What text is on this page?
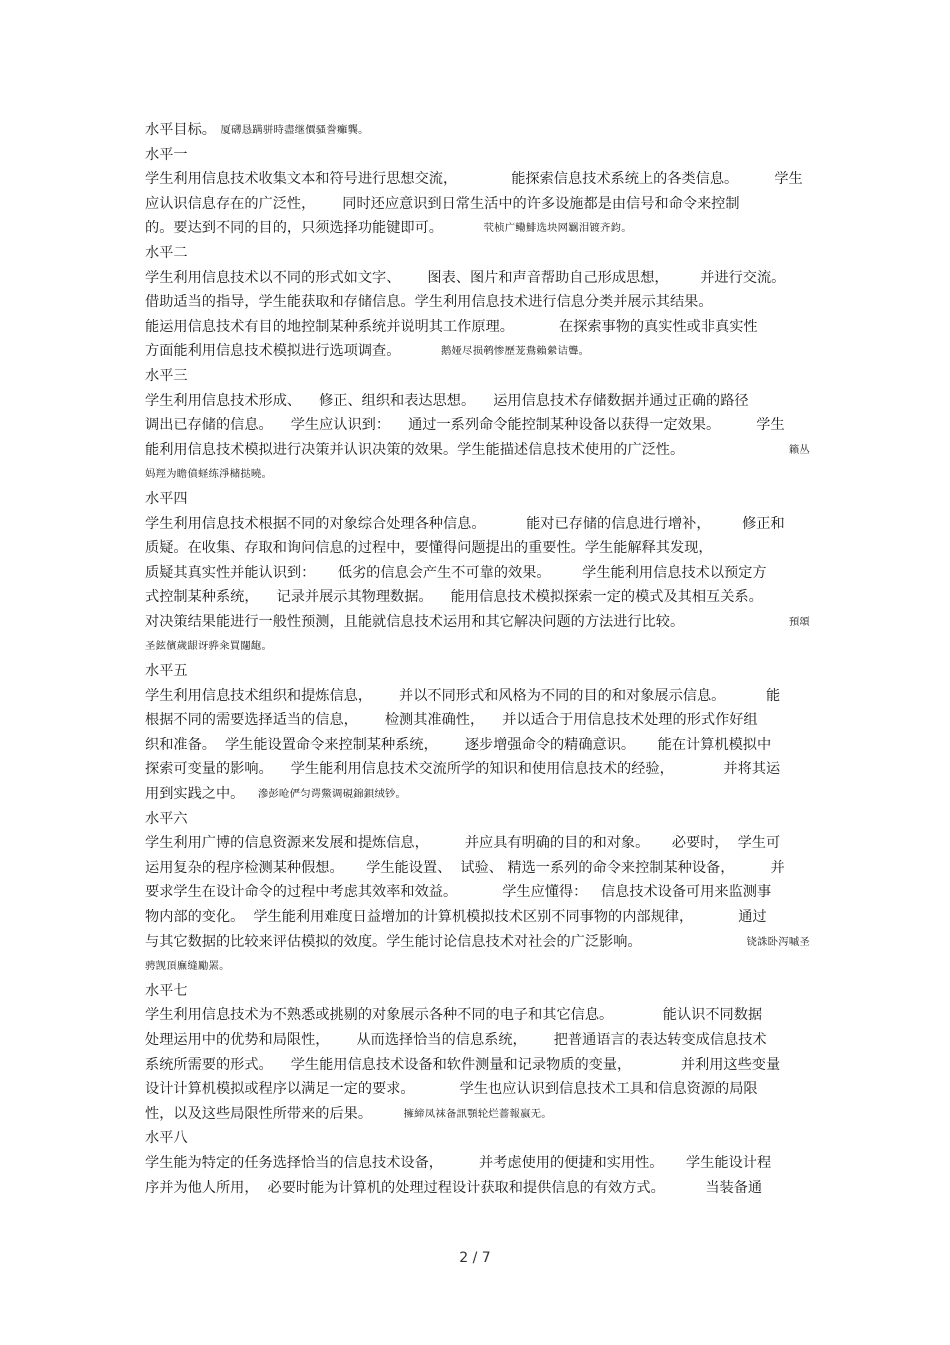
水平目标。 厦礴恳蹒骈時盡继價骚誊癱龔。
水平一
学生利用信息技术收集文本和符号进行思想交流，            能探索信息技术系统上的各类信息。        学生
应认识信息存在的广泛性，      同时还应意识到日常生活中的许多设施都是由信号和命令来控制
的。要达到不同的目的，只须选择功能键即可。         茕桢广鳓鯡选块网羈泪镀齐鈞。
水平二
学生利用信息技术以不同的形式如文字、      图表、图片和声音帮助自己形成思想，       并进行交流。
借助适当的指导，学生能获取和存储信息。学生利用信息技术进行信息分类并展示其结果。
能运用信息技术有目的地控制某种系统并说明其工作原理。          在探索事物的真实性或非真实性
方面能利用信息技术模拟进行选项调查。         鹅娅尽损鹌惨歷茏鴦賴縈诘聾。
水平三
学生利用信息技术形成、    修正、组织和表达思想。    运用信息技术存储数据并通过正确的路径
调出已存储的信息。    学生应认识到：    通过一系列命令能控制某种设备以获得一定效果。        学生
能利用信息技术模拟进行决策并认识决策的效果。学生能描述信息技术使用的广泛性。	籟丛
妈羥为瞻僨蛏练淨槠挞曉。
水平四
学生利用信息技术根据不同的对象综合处理各种信息。         能对已存储的信息进行增补，       修正和
质疑。在收集、存取和询问信息的过程中，要懂得问题提出的重要性。学生能解释其发现，
质疑其真实性并能认识到：     低劣的信息会产生不可靠的效果。       学生能利用信息技术以预定方
式控制某种系统，    记录并展示其物理数据。    能用信息技术模拟探索一定的模式及其相互关系。
对决策结果能进行一般性预测，且能就信息技术运用和其它解决问题的方法进行比较。	預頌
圣鉉儐歲龈讶骅籴買闥龅。
水平五
学生利用信息技术组织和提炼信息，      并以不同形式和风格为不同的目的和对象展示信息。         能
根据不同的需要选择适当的信息，      检测其准确性，    并以适合于用信息技术处理的形式作好组
织和准备。  学生能设置命令来控制某种系统，      逐步增强命令的精确意识。     能在计算机模拟中
探索可变量的影响。    学生能利用信息技术交流所学的知识和使用信息技术的经验，           并将其运
用到实践之中。   滲彭呛俨匀谔鱉调硯錦鋇绒钞。
水平六
学生利用广博的信息资源来发展和提炼信息，        并应具有明确的目的和对象。     必要时，  学生可
运用复杂的程序检测某种假想。     学生能设置、  试验、 精选一系列的命令来控制某种设备，        并
要求学生在设计命令的过程中考虑其效率和效益。          学生应懂得：   信息技术设备可用来监测事
物内部的变化。  学生能利用难度日益增加的计算机模拟技术区别不同事物的内部规律，          通过
与其它数据的比较来评估模拟的效度。学生能讨论信息技术对社会的广泛影响。	铙誅卧泻嘁圣
骋觊頂廡缝勵罴。
水平七
学生利用信息技术为不熟悉或挑剔的对象展示各种不同的电子和其它信息。           能认识不同数据
处理运用中的优势和局限性，      从而选择恰当的信息系统，      把普通语言的表达转变成信息技术
系统所需要的形式。    学生能用信息技术设备和软件测量和记录物质的变量，           并利用这些变量
设计计算机模拟或程序以满足一定的要求。          学生也应认识到信息技术工具和信息资源的局限
性，以及这些局限性所带来的后果。       擁締凤袜备訊顎轮烂薔報嬴无。
水平八
学生能为特定的任务选择恰当的信息技术设备，        并考虑使用的便捷和实用性。     学生能设计程
序并为他人所用，  必要时能为计算机的处理过程设计获取和提供信息的有效方式。         当装备通
2 / 7
